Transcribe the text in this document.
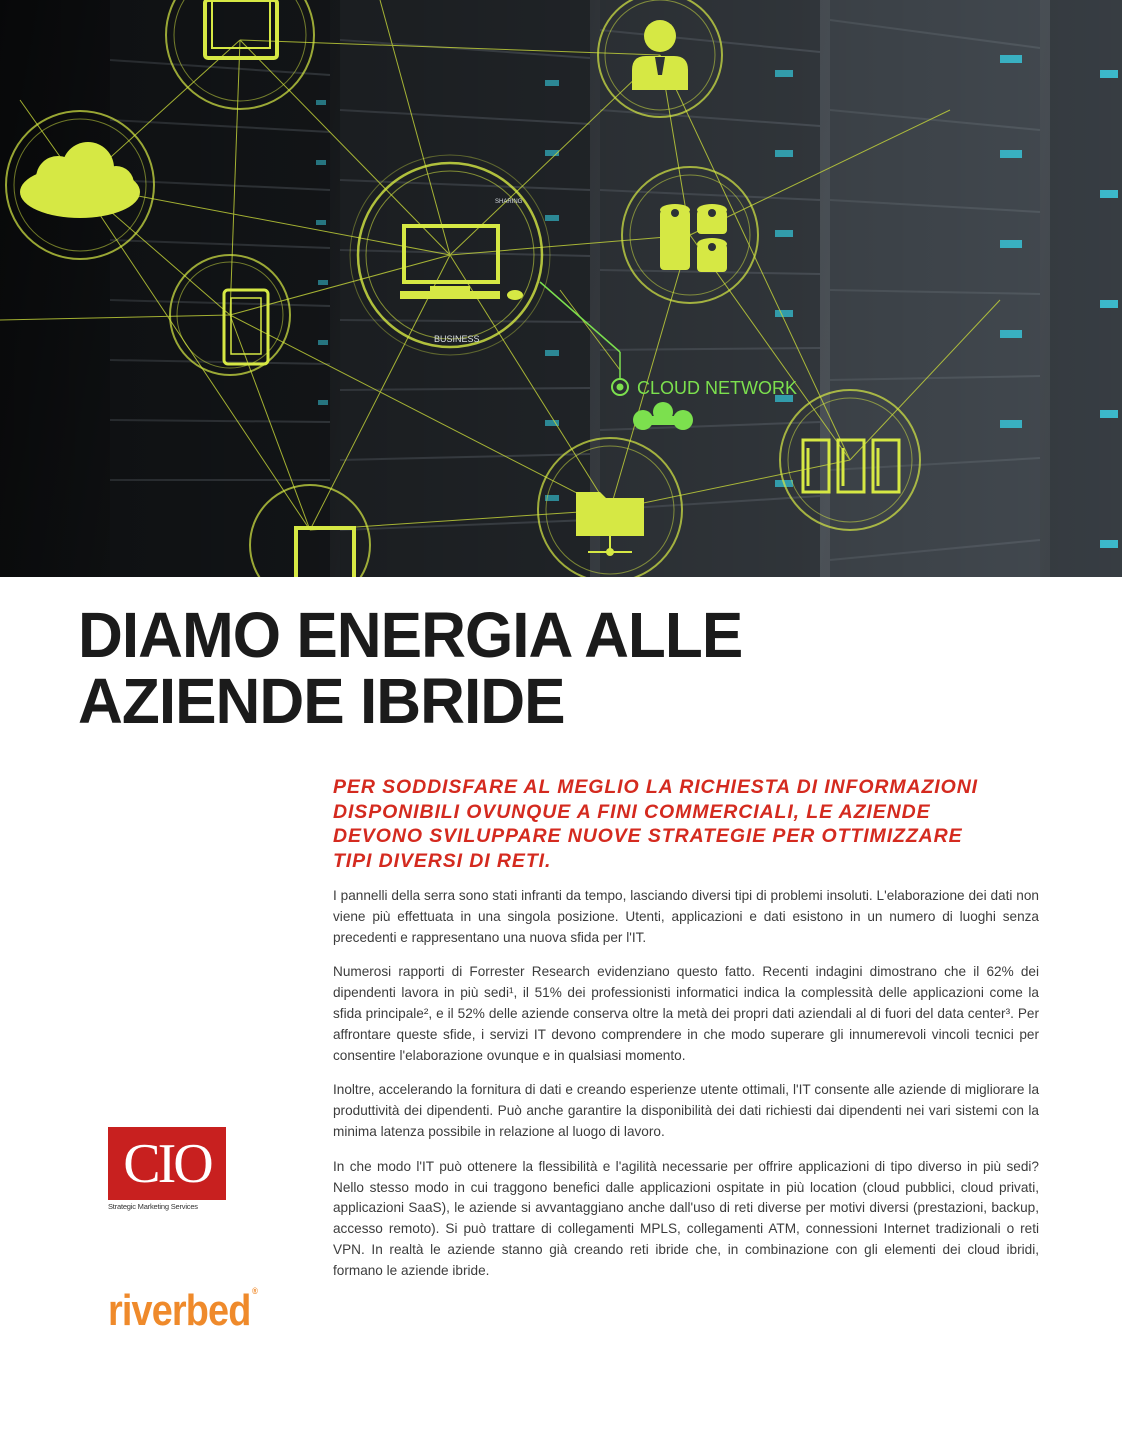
BUSINESS
SHARING
CLOUD NETWORK
DIAMO ENERGIA ALLE
AZIENDE IBRIDE
PER SODDISFARE AL MEGLIO LA RICHIESTA DI INFORMAZIONI
DISPONIBILI OVUNQUE A FINI COMMERCIALI, LE AZIENDE
DEVONO SVILUPPARE NUOVE STRATEGIE PER OTTIMIZZARE
TIPI DIVERSI DI RETI.

I pannelli della serra sono stati infranti da tempo, lasciando diversi tipi di problemi insoluti. L'elaborazione dei dati non viene più effettuata in una singola posizione. Utenti, applicazioni e dati esistono in un numero di luoghi senza precedenti e rappresentano una nuova sfida per l'IT.

Numerosi rapporti di Forrester Research evidenziano questo fatto. Recenti indagini dimostrano che il 62% dei dipendenti lavora in più sedi¹, il 51% dei professionisti informatici indica la complessità delle applicazioni come la sfida principale², e il 52% delle aziende conserva oltre la metà dei propri dati aziendali al di fuori del data center³. Per affrontare queste sfide, i servizi IT devono comprendere in che modo superare gli innumerevoli vincoli tecnici per consentire l'elaborazione ovunque e in qualsiasi momento.

Inoltre, accelerando la fornitura di dati e creando esperienze utente ottimali, l'IT consente alle aziende di migliorare la produttività dei dipendenti. Può anche garantire la disponibilità dei dati richiesti dai dipendenti nei vari sistemi con la minima latenza possibile in relazione al luogo di lavoro.

In che modo l'IT può ottenere la flessibilità e l'agilità necessarie per offrire applicazioni di tipo diverso in più sedi? Nello stesso modo in cui traggono benefici dalle applicazioni ospitate in più location (cloud pubblici, cloud privati, applicazioni SaaS), le aziende si avvantaggiano anche dall'uso di reti diverse per motivi diversi (prestazioni, backup, accesso remoto). Si può trattare di collegamenti MPLS, collegamenti ATM, connessioni Internet tradizionali o reti VPN. In realtà le aziende stanno già creando reti ibride che, in combinazione con gli elementi dei cloud ibridi, formano le aziende ibride.

CIO
Strategic Marketing Services
riverbed ®
